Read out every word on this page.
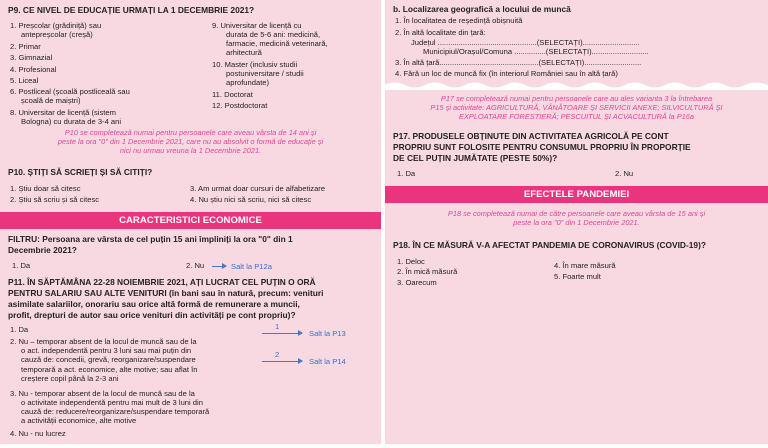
P9. CE NIVEL DE EDUCAȚIE URMAȚI LA 1 DECEMBRIE 2021?
1. Preșcolar (grădiniță) sau
antepreșcolar (creșă)
2. Primar
3. Gimnazial
4. Profesional
5. Liceal
6. Postliceal (școală postliceală sau
școală de maiștri)
8. Universitar de licență (sistem
Bologna) cu durata de 3-4 ani
9. Universitar de licență cu
durata de 5-6 ani: medicină,
farmacie, medicină veterinară,
arhitectură
10. Master (inclusiv studii
postuniversitare / studii
aprofundate)
11. Doctorat
12. Postdoctorat
P10 se completează numai pentru persoanele care aveau vârsta de 14 ani și
peste la ora "0" din 1 Decembrie 2021, care nu au absolvit o formă de educație și
nici nu urmau vreuna la 1 Decembrie 2021.
P10. ȘTIȚI SĂ SCRIEȚI ȘI SĂ CITIȚI?
1. Știu doar să citesc
2. Știu să scriu și să citesc
3. Am urmat doar cursuri de alfabetizare
4. Nu știu nici să scriu, nici să citesc
CARACTERISTICI ECONOMICE
FILTRU: Persoana are vârsta de cel puțin 15 ani împliniți la ora "0" din 1
Decembrie 2021?
1. Da	2. Nu	Salt la P12a
P11. ÎN SĂPTĂMÂNA 22-28 NOIEMBRIE 2021, AȚI LUCRAT CEL PUȚIN O ORĂ
PENTRU SALARIU SAU ALTE VENITURI (în bani sau în natură, precum: venituri
asimilate salariilor, onorariu sau orice altă formă de remunerare a muncii,
profit, drepturi de autor sau orice venituri din activități pe cont propriu)?
1. Da
2. Nu – temporar absent de la locul de muncă sau de la
o act. independentă pentru 3 luni sau mai puțin din
cauză de: concedii, grevă, reorganizare/suspendare
temporară a act. economice, alte motive; sau aflat în
creștere copil până la 2-3 ani
3. Nu - temporar absent de la locul de muncă sau de la
o activitate independentă pentru mai mult de 3 luni din
cauză de: reducere/reorganizare/suspendare temporară
a activității economice, alte motive
4. Nu - nu lucrez
1
Salt la P13
2
Salt la P14
b. Localizarea geografică a locului de muncă
1. În localitatea de reședință obișnuită
2. În altă localitate din țară:
Județul ...............................................(SELECTAȚI)...........................
Municipiul/Orașul/Comuna ...............(SELECTAȚI)...........................
3. În altă țară...............................................(SELECTAȚI)...........................
4. Fără un loc de muncă fix (în interiorul României sau în altă țară)
P17 se completează numai pentru persoanele care au ales varianta 3 la întrebarea
P15 și activitate: AGRICULTURĂ, VÂNĂTOARE ȘI SERVICII ANEXE; SILVICULTURĂ ȘI
EXPLOATARE FORESTIERĂ; PESCUITUL ȘI ACVACULTURĂ la P16a
P17. PRODUSELE OBȚINUTE DIN ACTIVITATEA AGRICOLĂ PE CONT
PROPRIU SUNT FOLOSITE PENTRU CONSUMUL PROPRIU ÎN PROPORȚIE
DE CEL PUȚIN JUMĂTATE (PESTE 50%)?
1. Da	2. Nu
EFECTELE PANDEMIEI
P18 se completează numai de către persoanele care aveau vârsta de 15 ani și
peste la ora "0" din 1 Decembrie 2021.
P18. ÎN CE MĂSURĂ V-A AFECTAT PANDEMIA DE CORONAVIRUS (COVID-19)?
1. Deloc
2. În mică măsură
3. Oarecum
4. În mare măsură
5. Foarte mult
